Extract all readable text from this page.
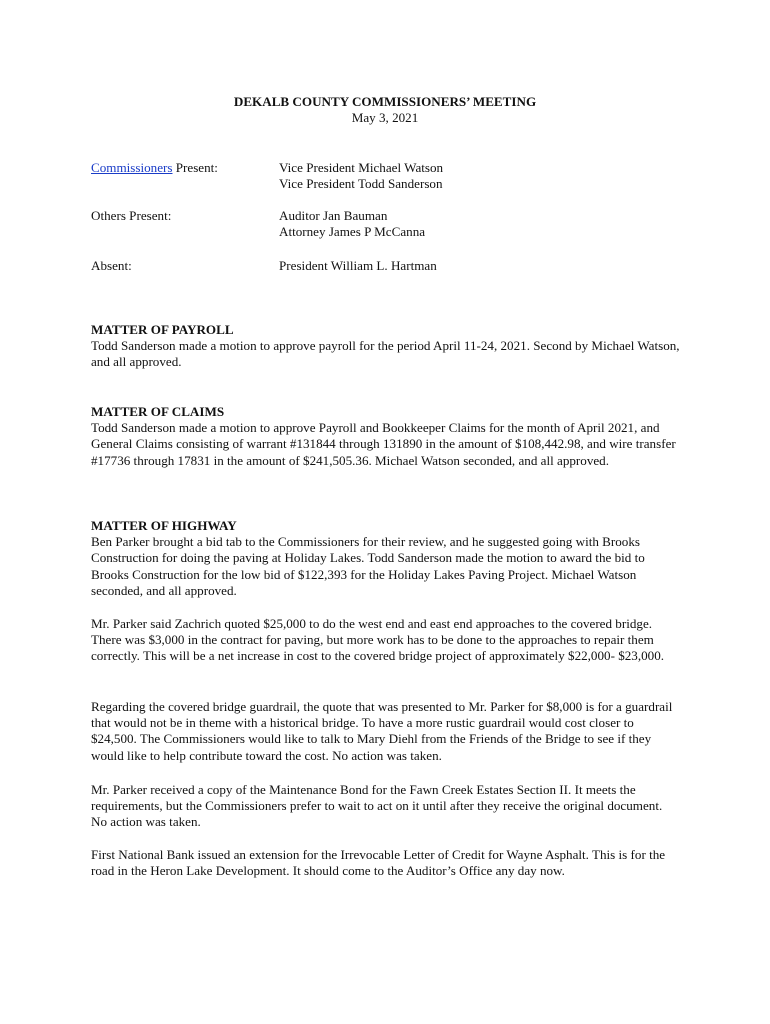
DEKALB COUNTY COMMISSIONERS’ MEETING
May 3, 2021
Commissioners Present:	Vice President Michael Watson
Vice President Todd Sanderson
Others Present:	Auditor Jan Bauman
Attorney James P McCanna
Absent:	President William L. Hartman
MATTER OF PAYROLL

Todd Sanderson made a motion to approve payroll for the period April 11-24, 2021. Second by Michael Watson, and all approved.

MATTER OF CLAIMS

Todd Sanderson made a motion to approve Payroll and Bookkeeper Claims for the month of April 2021, and General Claims consisting of warrant #131844 through 131890 in the amount of $108,442.98, and wire transfer #17736 through 17831 in the amount of $241,505.36. Michael Watson seconded, and all approved.

MATTER OF HIGHWAY

Ben Parker brought a bid tab to the Commissioners for their review, and he suggested going with Brooks Construction for doing the paving at Holiday Lakes. Todd Sanderson made the motion to award the bid to Brooks Construction for the low bid of $122,393 for the Holiday Lakes Paving Project. Michael Watson seconded, and all approved.

Mr. Parker said Zachrich quoted $25,000 to do the west end and east end approaches to the covered bridge. There was $3,000 in the contract for paving, but more work has to be done to the approaches to repair them correctly. This will be a net increase in cost to the covered bridge project of approximately $22,000- $23,000.

Regarding the covered bridge guardrail, the quote that was presented to Mr. Parker for $8,000 is for a guardrail that would not be in theme with a historical bridge. To have a more rustic guardrail would cost closer to $24,500. The Commissioners would like to talk to Mary Diehl from the Friends of the Bridge to see if they would like to help contribute toward the cost. No action was taken.

Mr. Parker received a copy of the Maintenance Bond for the Fawn Creek Estates Section II. It meets the requirements, but the Commissioners prefer to wait to act on it until after they receive the original document. No action was taken.

First National Bank issued an extension for the Irrevocable Letter of Credit for Wayne Asphalt. This is for the road in the Heron Lake Development. It should come to the Auditor’s Office any day now.
